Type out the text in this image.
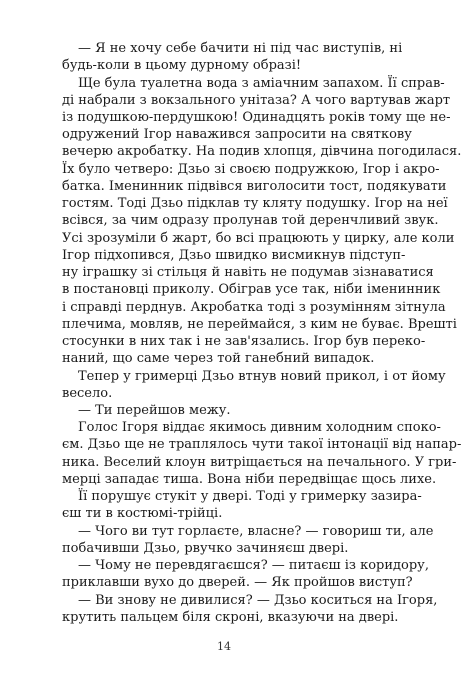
— Я не хочу себе бачити ні під час виступів, ні
будь-коли в цьому дурному образі!
Ще була туалетна вода з аміачним запахом. Її справ-
ді набрали з вокзального унітаза? А чого вартував жарт
із подушкою-пердушкою! Одинадцять років тому ще не-
одружений Ігор наважився запросити на святкову
вечерю акробатку. На подив хлопця, дівчина погодилася.
Їх було четверо: Дзьо зі своєю подружкою, Ігор і акро-
батка. Іменинник підвівся виголосити тост, подякувати
гостям. Тоді Дзьо підклав ту кляту подушку. Ігор на неї
всівся, за чим одразу пролунав той деренчливий звук.
Усі зрозуміли б жарт, бо всі працюють у цирку, але коли
Ігор підхопився, Дзьо швидко висмикнув підступ-
ну іграшку зі стільця й навіть не подумав зізнаватися
в постановці приколу. Обіграв усе так, ніби іменинник
і справді перднув. Акробатка тоді з розумінням зітнула
плечима, мовляв, не переймайся, з ким не буває. Врешті
стосунки в них так і не зав'язались. Ігор був переко-
наний, що саме через той ганебний випадок.
Тепер у гримерці Дзьо втнув новий прикол, і от йому
весело.
— Ти перейшов межу.
Голос Ігоря віддає якимось дивним холодним споко-
єм. Дзьо ще не траплялось чути такої інтонації від напар-
ника. Веселий клоун витріщається на печального. У гри-
мерці западає тиша. Вона ніби передвіщає щось лихе.
Її порушує стукіт у двері. Тоді у гримерку зазира-
єш ти в костюмі-трійці.
— Чого ви тут горлаєте, власне? — говориш ти, але
побачивши Дзьо, рвучко зачиняєш двері.
— Чому не перевдягаєшся? — питаєш із коридору,
приклавши вухо до дверей. — Як пройшов виступ?
— Ви знову не дивилися? — Дзьо коситься на Ігоря,
крутить пальцем біля скроні, вказуючи на двері.
14
